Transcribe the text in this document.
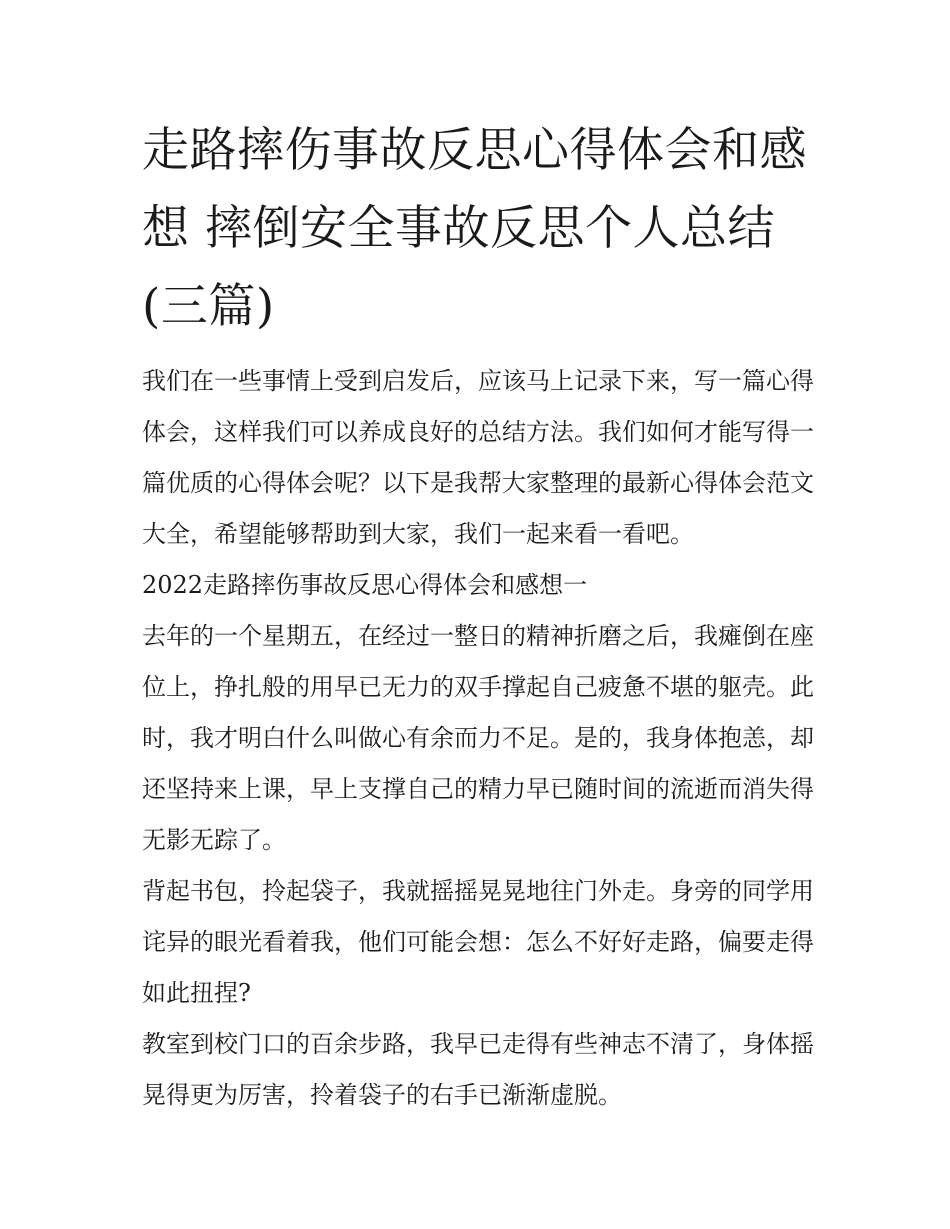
走路摔伤事故反思心得体会和感想 摔倒安全事故反思个人总结(三篇)

我们在一些事情上受到启发后，应该马上记录下来，写一篇心得体会，这样我们可以养成良好的总结方法。我们如何才能写得一篇优质的心得体会呢？以下是我帮大家整理的最新心得体会范文大全，希望能够帮助到大家，我们一起来看一看吧。

2022走路摔伤事故反思心得体会和感想一

去年的一个星期五，在经过一整日的精神折磨之后，我瘫倒在座位上，挣扎般的用早已无力的双手撑起自己疲惫不堪的躯壳。此时，我才明白什么叫做心有余而力不足。是的，我身体抱恙，却还坚持来上课，早上支撑自己的精力早已随时间的流逝而消失得无影无踪了。

背起书包，拎起袋子，我就摇摇晃晃地往门外走。身旁的同学用诧异的眼光看着我，他们可能会想：怎么不好好走路，偏要走得如此扭捏?

教室到校门口的百余步路，我早已走得有些神志不清了，身体摇晃得更为厉害，拎着袋子的右手已渐渐虚脱。
